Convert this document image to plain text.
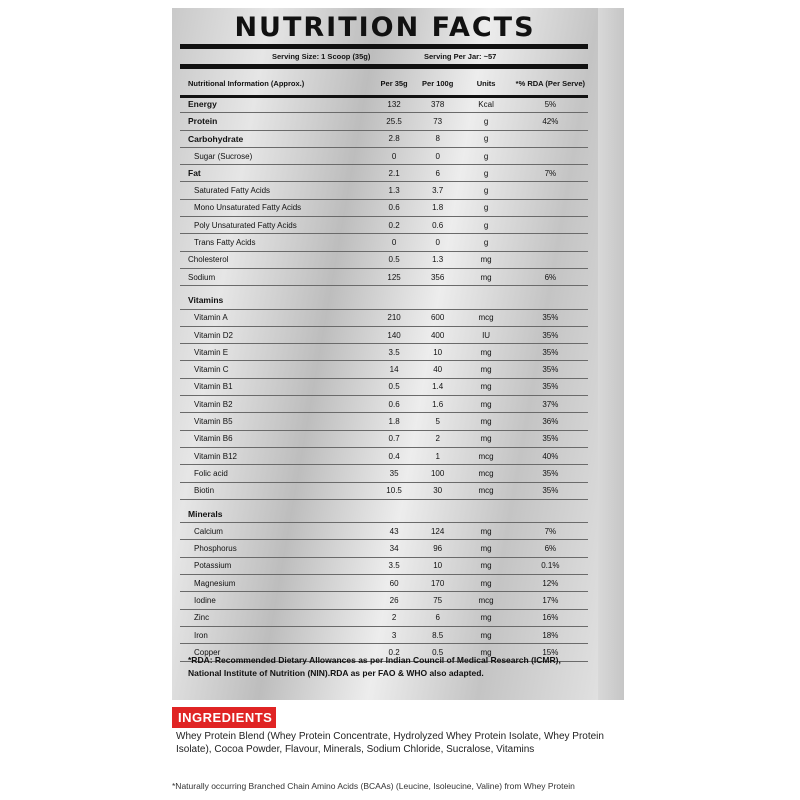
NUTRITION FACTS
Serving Size: 1 Scoop (35g)	Serving Per Jar: ~57
Nutritional Information (Approx.)	Per 35g	Per 100g	Units	*% RDA (Per Serve)
Energy	132	378	Kcal	5%
Protein	25.5	73	g	42%
Carbohydrate	2.8	8	g	
Sugar (Sucrose)	0	0	g	
Fat	2.1	6	g	7%
Saturated Fatty Acids	1.3	3.7	g	
Mono Unsaturated Fatty Acids	0.6	1.8	g	
Poly Unsaturated Fatty Acids	0.2	0.6	g	
Trans Fatty Acids	0	0	g	
Cholesterol	0.5	1.3	mg	
Sodium	125	356	mg	6%

Vitamins				
Vitamin A	210	600	mcg	35%
Vitamin D2	140	400	IU	35%
Vitamin E	3.5	10	mg	35%
Vitamin C	14	40	mg	35%
Vitamin B1	0.5	1.4	mg	35%
Vitamin B2	0.6	1.6	mg	37%
Vitamin B5	1.8	5	mg	36%
Vitamin B6	0.7	2	mg	35%
Vitamin B12	0.4	1	mcg	40%
Folic acid	35	100	mcg	35%
Biotin	10.5	30	mcg	35%

Minerals				
Calcium	43	124	mg	7%
Phosphorus	34	96	mg	6%
Potassium	3.5	10	mg	0.1%
Magnesium	60	170	mg	12%
Iodine	26	75	mcg	17%
Zinc	2	6	mg	16%
Iron	3	8.5	mg	18%
Copper	0.2	0.5	mg	15%
*RDA: Recommended Dietary Allowances as per Indian Council of Medical Research (ICMR), National Institute of Nutrition (NIN).RDA as per FAO & WHO also adapted.
INGREDIENTS
Whey Protein Blend (Whey Protein Concentrate, Hydrolyzed Whey Protein Isolate, Whey Protein Isolate), Cocoa Powder, Flavour, Minerals, Sodium Chloride, Sucralose, Vitamins
*Naturally occurring Branched Chain Amino Acids (BCAAs) (Leucine, Isoleucine, Valine) from Whey Protein
